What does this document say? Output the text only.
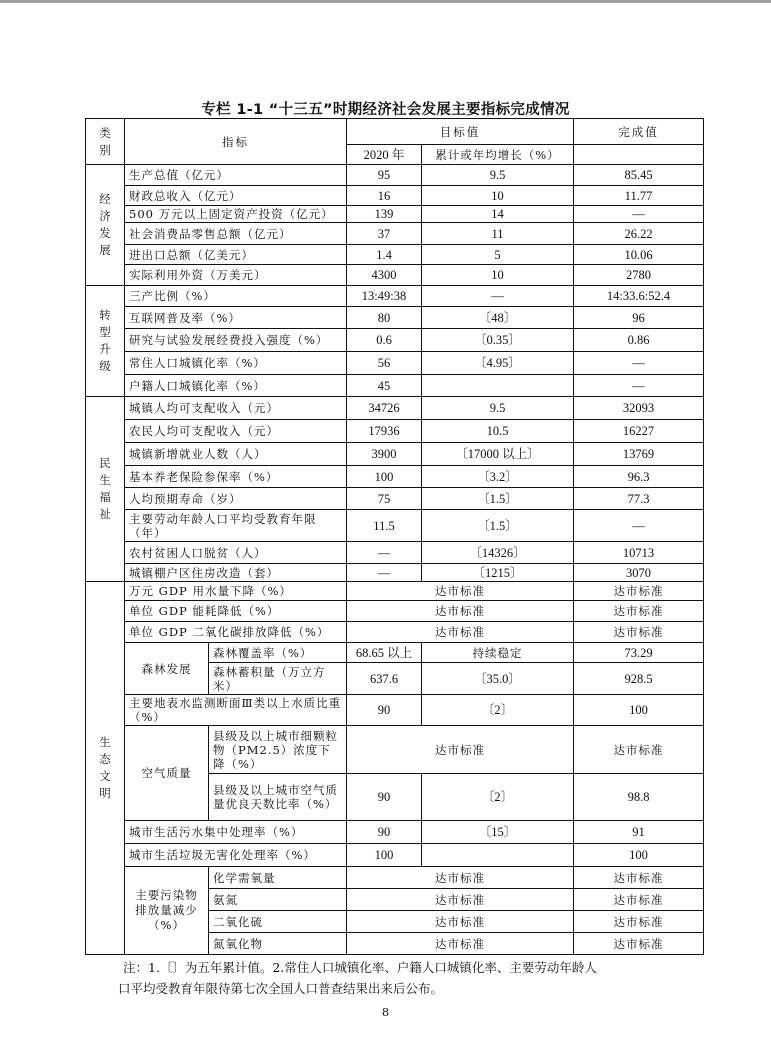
专栏 1-1 “十三五”时期经济社会发展主要指标完成情况
类别	指标		目标值		完成值
			2020 年	累计或年均增长（%）	
经济发展	生产总值（亿元）		95	9.5	85.45
	财政总收入（亿元）		16	10	11.77
	500 万元以上固定资产投资（亿元）		139	14	—
	社会消费品零售总额（亿元）		37	11	26.22
	进出口总额（亿美元）		1.4	5	10.06
	实际利用外资（万美元）		4300	10	2780
转型升级	三产比例（%）		13:49:38	—	14:33.6:52.4
	互联网普及率（%）		80	〔48〕	96
	研究与试验发展经费投入强度（%）		0.6	〔0.35〕	0.86
	常住人口城镇化率（%）		56	〔4.95〕	—
	户籍人口城镇化率（%）		45		—
民生福祉	城镇人均可支配收入（元）		34726	9.5	32093
	农民人均可支配收入（元）		17936	10.5	16227
	城镇新增就业人数（人）		3900	〔17000 以上〕	13769
	基本养老保险参保率（%）		100	〔3.2〕	96.3
	人均预期寿命（岁）		75	〔1.5〕	77.3
	主要劳动年龄人口平均受教育年限（年）		11.5	〔1.5〕	—
	农村贫困人口脱贫（人）		—	〔14326〕	10713
	城镇棚户区住房改造（套）		—	〔1215〕	3070
生态文明	万元 GDP 用水量下降（%）		达市标准		达市标准
	单位 GDP 能耗降低（%）		达市标准		达市标准
	单位 GDP 二氧化碳排放降低（%）		达市标准		达市标准
	森林发展	森林覆盖率（%）	68.65 以上	持续稳定	73.29
		森林蓄积量（万立方米）	637.6	〔35.0〕	928.5
	主要地表水监测断面Ⅲ类以上水质比重（%）		90	〔2〕	100
	空气质量	县级及以上城市细颗粒物（PM2.5）浓度下降（%）	达市标准		达市标准
		县级及以上城市空气质量优良天数比率（%）	90	〔2〕	98.8
	城市生活污水集中处理率（%）		90	〔15〕	91
	城市生活垃圾无害化处理率（%）		100		100
	主要污染物排放量减少（%）	化学需氧量	达市标准		达市标准
		氨氮	达市标准		达市标准
		二氧化硫	达市标准		达市标准
		氮氧化物	达市标准		达市标准
注：1.〔〕为五年累计值。2.常住人口城镇化率、户籍人口城镇化率、主要劳动年龄人
口平均受教育年限待第七次全国人口普查结果出来后公布。
8
